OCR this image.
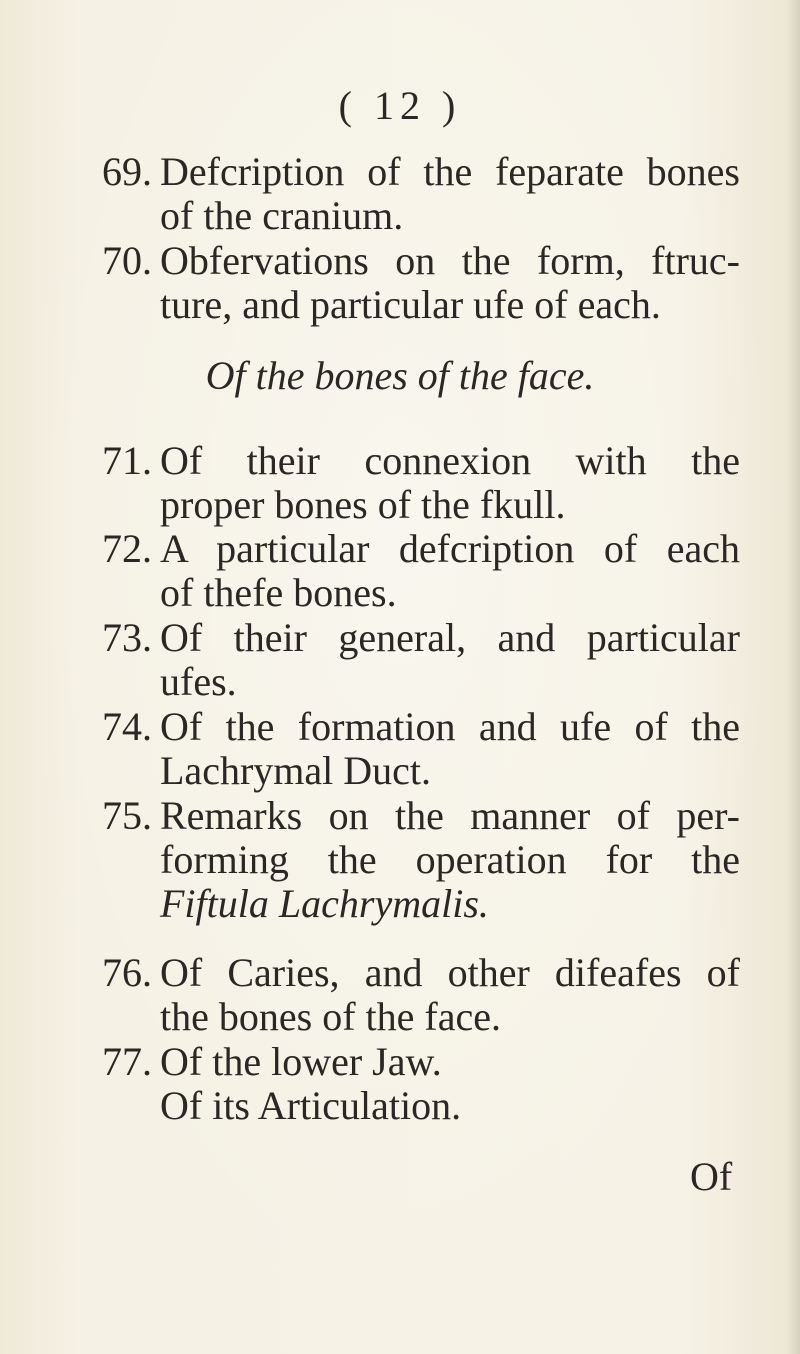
( 12 )
69. Defcription of the feparate bones
of the cranium.
70. Obfervations on the form, ftruc-
ture, and particular ufe of each.
Of the bones of the face.
71. Of their connexion with the
proper bones of the fkull.
72. A particular defcription of each
of thefe bones.
73. Of their general, and particular
ufes.
74. Of the formation and ufe of the
Lachrymal Duct.
75. Remarks on the manner of per-
forming the operation for the
Fiftula Lachrymalis.
76. Of Caries, and other difeafes of
the bones of the face.
77. Of the lower Jaw.
Of its Articulation.
Of
